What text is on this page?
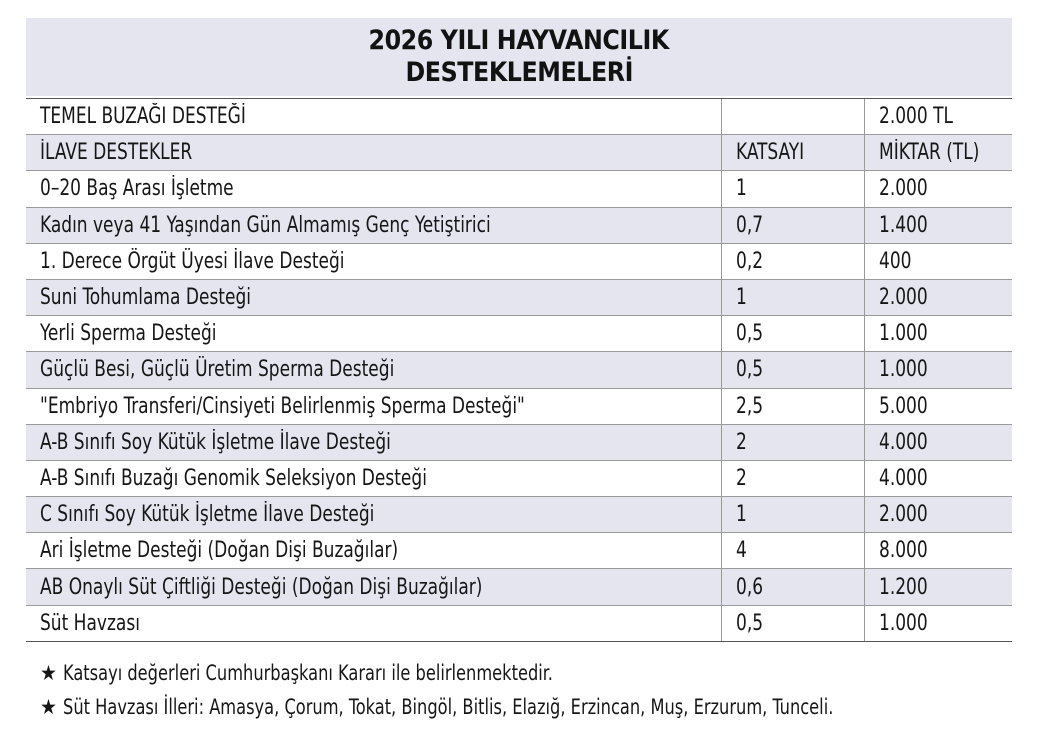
2026 YILI HAYVANCILIK
DESTEKLEMELERİ
TEMEL BUZAĞI DESTEĞİ		2.000 TL
İLAVE DESTEKLER	KATSAYI	MİKTAR (TL)
0–20 Baş Arası İşletme	1	2.000
Kadın veya 41 Yaşından Gün Almamış Genç Yetiştirici	0,7	1.400
1. Derece Örgüt Üyesi İlave Desteği	0,2	400
Suni Tohumlama Desteği	1	2.000
Yerli Sperma Desteği	0,5	1.000
Güçlü Besi, Güçlü Üretim Sperma Desteği	0,5	1.000
"Embriyo Transferi/Cinsiyeti Belirlenmiş Sperma Desteği"	2,5	5.000
A-B Sınıfı Soy Kütük İşletme İlave Desteği	2	4.000
A-B Sınıfı Buzağı Genomik Seleksiyon Desteği	2	4.000
C Sınıfı Soy Kütük İşletme İlave Desteği	1	2.000
Ari İşletme Desteği (Doğan Dişi Buzağılar)	4	8.000
AB Onaylı Süt Çiftliği Desteği (Doğan Dişi Buzağılar)	0,6	1.200
Süt Havzası	0,5	1.000
★ Katsayı değerleri Cumhurbaşkanı Kararı ile belirlenmektedir.
★ Süt Havzası İlleri: Amasya, Çorum, Tokat, Bingöl, Bitlis, Elazığ, Erzincan, Muş, Erzurum, Tunceli.
